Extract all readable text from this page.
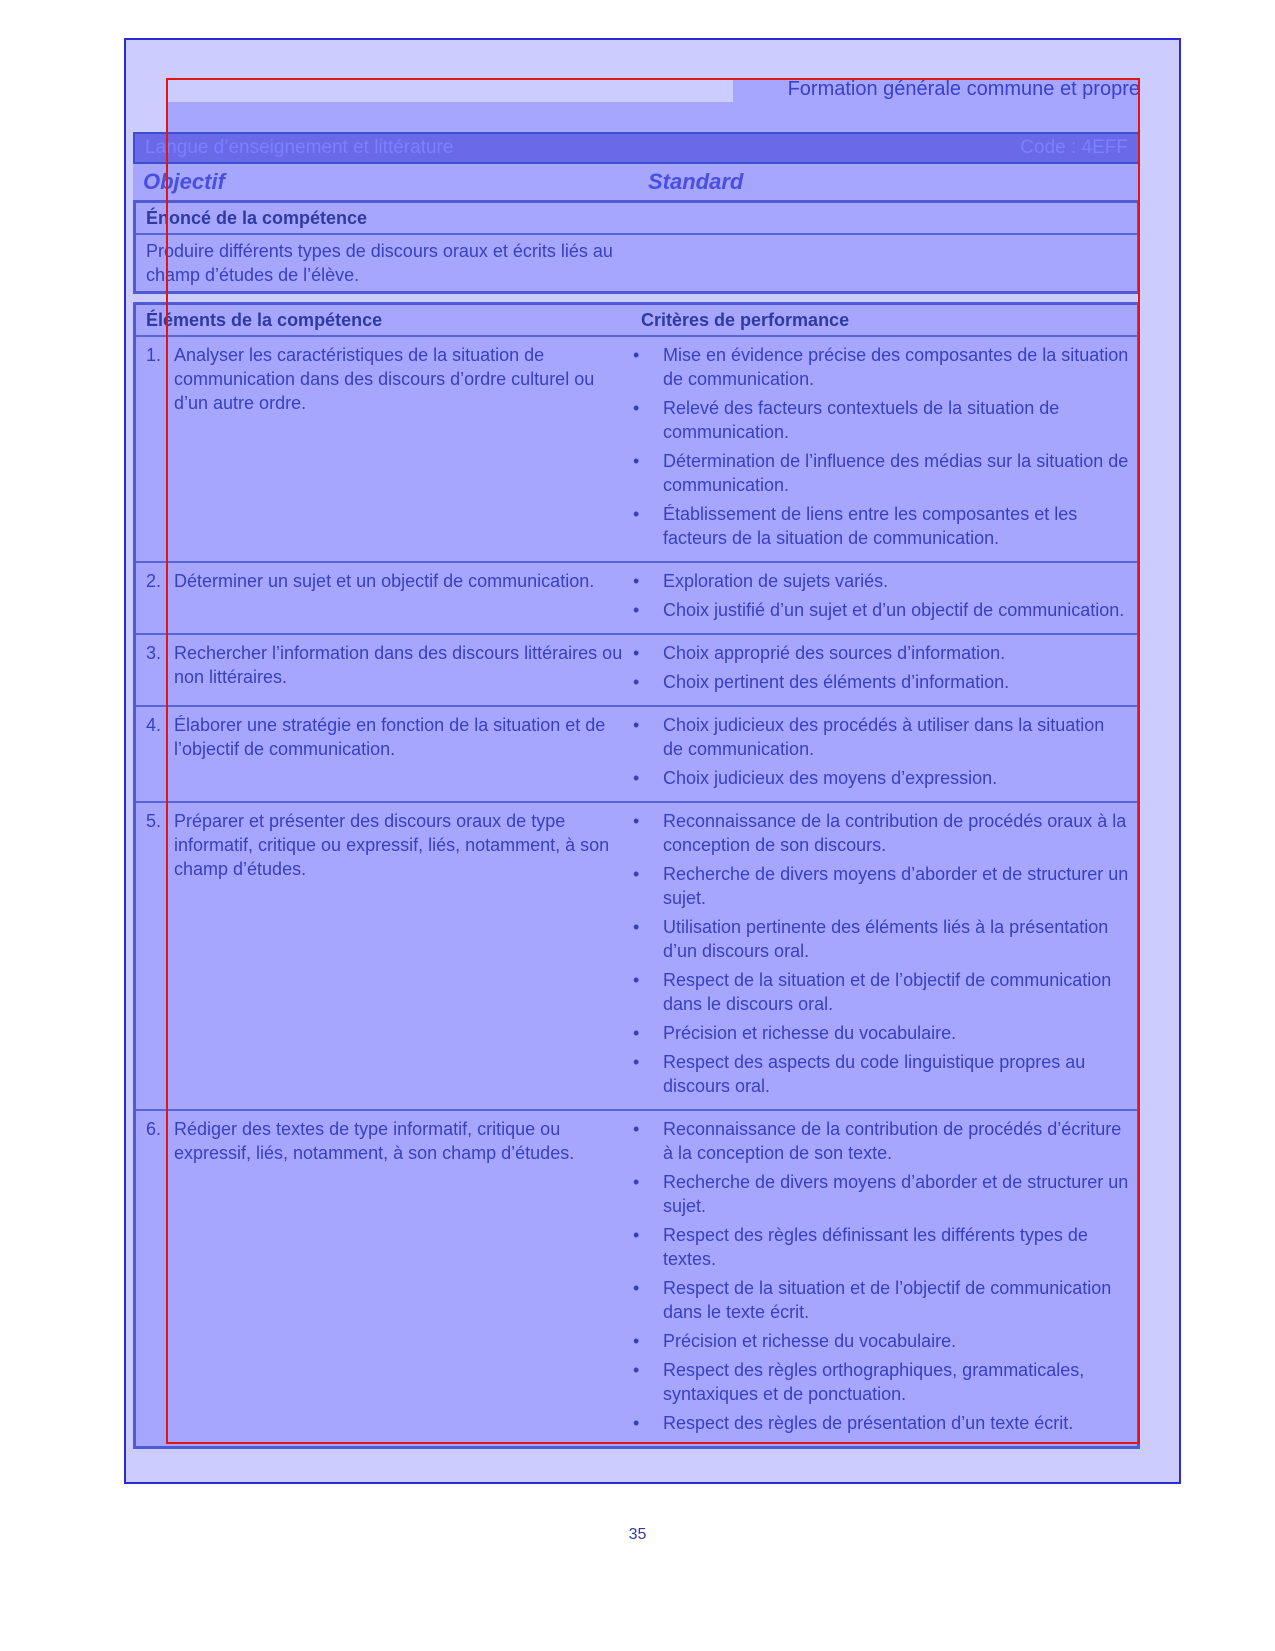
Formation générale commune et propre
Langue d’enseignement et littérature	Code : 4EFF
Objectif	Standard
Énoncé de la compétence
Produire différents types de discours oraux et écrits liés au champ d’études de l’élève.
Éléments de la compétence	Critères de performance
1. Analyser les caractéristiques de la situation de communication dans des discours d’ordre culturel ou d’un autre ordre.
•	Mise en évidence précise des composantes de la situation de communication.
•	Relevé des facteurs contextuels de la situation de communication.
•	Détermination de l’influence des médias sur la situation de communication.
•	Établissement de liens entre les composantes et les facteurs de la situation de communication.
2. Déterminer un sujet et un objectif de communication.	•	Exploration de sujets variés.
•	Choix justifié d’un sujet et d’un objectif de communication.
3. Rechercher l’information dans des discours littéraires ou non littéraires.
•	Choix approprié des sources d’information.
•	Choix pertinent des éléments d’information.
4. Élaborer une stratégie en fonction de la situation et de l’objectif de communication.
•	Choix judicieux des procédés à utiliser dans la situation de communication.
•	Choix judicieux des moyens d’expression.
5. Préparer et présenter des discours oraux de type informatif, critique ou expressif, liés, notamment, à son champ d’études.
•	Reconnaissance de la contribution de procédés oraux à la conception de son discours.
•	Recherche de divers moyens d’aborder et de structurer un sujet.
•	Utilisation pertinente des éléments liés à la présentation d’un discours oral.
•	Respect de la situation et de l’objectif de communication dans le discours oral.
•	Précision et richesse du vocabulaire.
•	Respect des aspects du code linguistique propres au discours oral.
6. Rédiger des textes de type informatif, critique ou expressif, liés, notamment, à son champ d’études.
•	Reconnaissance de la contribution de procédés d’écriture à la conception de son texte.
•	Recherche de divers moyens d’aborder et de structurer un sujet.
•	Respect des règles définissant les différents types de textes.
•	Respect de la situation et de l’objectif de communication dans le texte écrit.
•	Précision et richesse du vocabulaire.
•	Respect des règles orthographiques, grammaticales, syntaxiques et de ponctuation.
•	Respect des règles de présentation d’un texte écrit.
35
